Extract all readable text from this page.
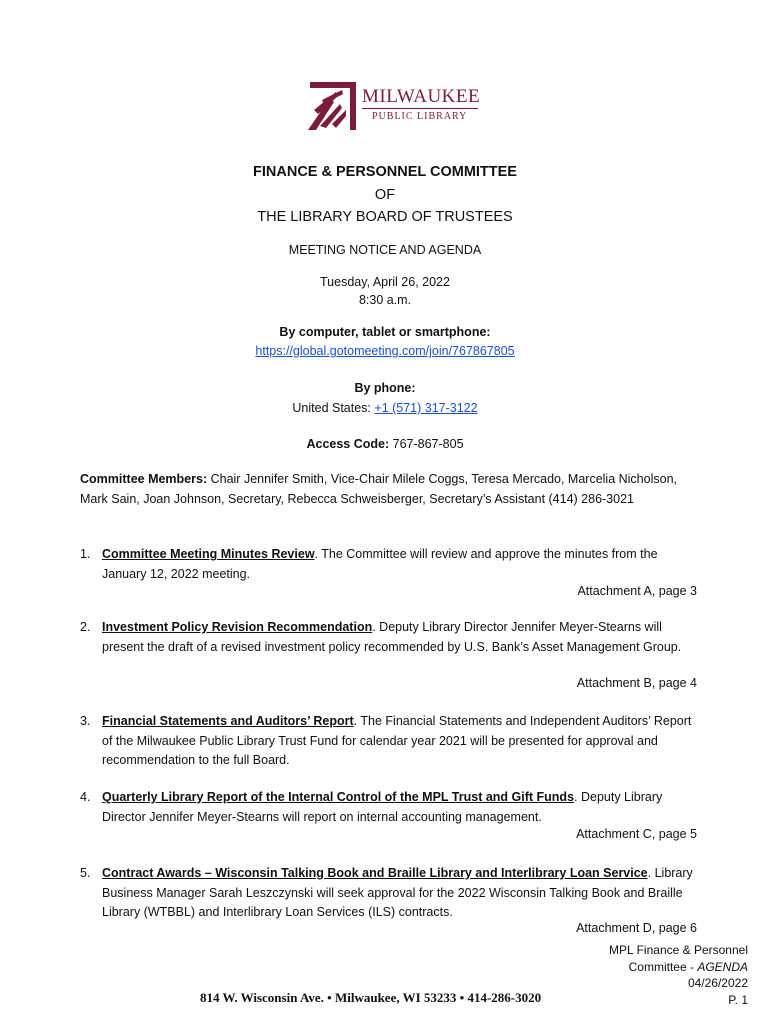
MILWAUKEE
PUBLIC LIBRARY
FINANCE & PERSONNEL COMMITTEE
OF
THE LIBRARY BOARD OF TRUSTEES
MEETING NOTICE AND AGENDA
Tuesday, April 26, 2022
8:30 a.m.
By computer, tablet or smartphone:
https://global.gotomeeting.com/join/767867805
By phone:
United States: +1 (571) 317-3122
Access Code: 767-867-805
Committee Members: Chair Jennifer Smith, Vice-Chair Milele Coggs, Teresa Mercado, Marcelia Nicholson, Mark Sain, Joan Johnson, Secretary, Rebecca Schweisberger, Secretary’s Assistant (414) 286-3021
1. Committee Meeting Minutes Review. The Committee will review and approve the minutes from the January 12, 2022 meeting.
Attachment A, page 3
2. Investment Policy Revision Recommendation. Deputy Library Director Jennifer Meyer-Stearns will present the draft of a revised investment policy recommended by U.S. Bank’s Asset Management Group.
Attachment B, page 4
3. Financial Statements and Auditors’ Report. The Financial Statements and Independent Auditors’ Report of the Milwaukee Public Library Trust Fund for calendar year 2021 will be presented for approval and recommendation to the full Board.
4. Quarterly Library Report of the Internal Control of the MPL Trust and Gift Funds. Deputy Library Director Jennifer Meyer-Stearns will report on internal accounting management.
Attachment C, page 5
5. Contract Awards – Wisconsin Talking Book and Braille Library and Interlibrary Loan Service. Library Business Manager Sarah Leszczynski will seek approval for the 2022 Wisconsin Talking Book and Braille Library (WTBBL) and Interlibrary Loan Services (ILS) contracts.
Attachment D, page 6
814 W. Wisconsin Ave. • Milwaukee, WI 53233 • 414-286-3020
MPL Finance & Personnel
Committee - AGENDA
04/26/2022
P. 1
